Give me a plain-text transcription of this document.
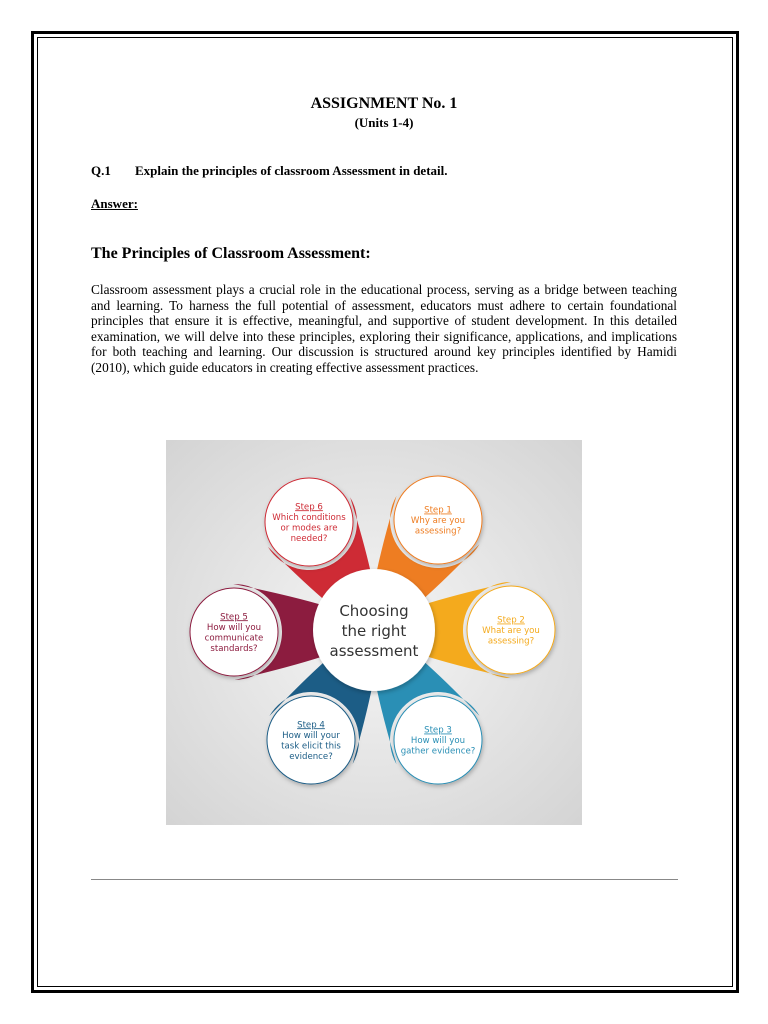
ASSIGNMENT No. 1
(Units 1-4)
Q.1 Explain the principles of classroom Assessment in detail.
Answer:
The Principles of Classroom Assessment:

Classroom assessment plays a crucial role in the educational process, serving as a bridge between teaching and learning. To harness the full potential of assessment, educators must adhere to certain foundational principles that ensure it is effective, meaningful, and supportive of student development. In this detailed examination, we will delve into these principles, exploring their significance, applications, and implications for both teaching and learning. Our discussion is structured around key principles identified by Hamidi (2010), which guide educators in creating effective assessment practices.

Choosing
the right
assessment
Step 1
Why are you
assessing?
Step 2
What are you
assessing?
Step 3
How will you
gather evidence?
Step 4
How will your
task elicit this
evidence?
Step 5
How will you
communicate
standards?
Step 6
Which conditions
or modes are
needed?
